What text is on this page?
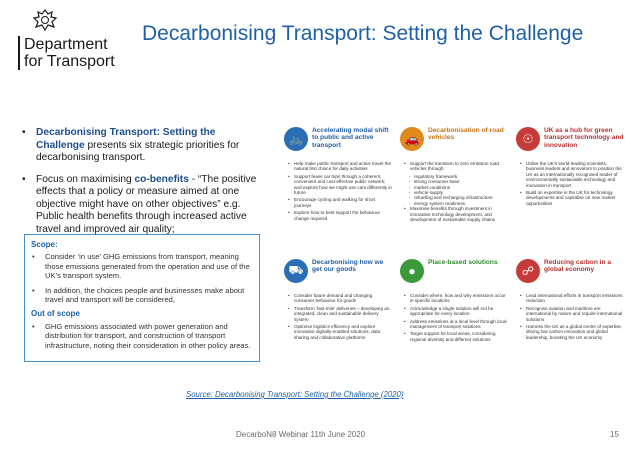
Department
for Transport
Decarbonising Transport: Setting the Challenge
• Decarbonising Transport: Setting the Challenge presents six strategic priorities for decarbonising transport.
• Focus on maximising co-benefits - “The positive effects that a policy or measure aimed at one objective might have on other objectives” e.g. Public health benefits through increased active travel and improved air quality;
Scope:
• Consider ‘in use’ GHG emissions from transport, meaning those emissions generated from the operation and use of the UK’s transport system.
• In addition, the choices people and businesses make about travel and transport will be considered,
Out of scope
• GHG emissions associated with power generation and distribution for transport, and construction of transport infrastructure, noting their consideration in other policy areas.
🚲
Accelerating modal shift to public and active transport
• Help make public transport and active travel the natural first choice for daily activities
• Support fewer car trips through a coherent, convenient and cost-effective public network; and explore how we might use cars differently in future
• Encourage cycling and walking for short journeys
• Explore how to best support the behaviour change required
🚗
Decarbonisation of road vehicles
• Support the transition to zero emission road vehicles through:
- regulatory framework
- strong consumer base
- market conditions
- vehicle supply
- refuelling and recharging infrastructure
- energy system readiness
• Maximise benefits through investment in innovative technology development, and development of sustainable supply chains
☉
UK as a hub for green transport technology and innovation
• Utilise the UK’s world-leading scientists, business leaders and innovators to position the UK as an internationally recognised leader of environmentally sustainable technology and innovation in transport
• Build on expertise in the UK for technology developments and capitalise on new market opportunities
⛟
Decarbonising how we get our goods
• Consider future demand and changing consumer behaviour for goods
• Transform ‘last-mile’ deliveries – developing an integrated, clean and sustainable delivery system
• Optimise logistics efficiency and explore innovative digitally-enabled solutions, data sharing and collaborative platforms
●
Place-based solutions
• Consider where, how and why emissions occur in specific locations
• Acknowledge a single solution will not be appropriate for every location
• Address emissions at a local level through local management of transport solutions
• Target support for local areas, considering regional diversity and different solutions
☍
Reducing carbon in a global economy
• Lead international efforts in transport emissions reduction
• Recognise aviation and maritime are international by nature and require international solutions
• Harness the UK as a global centre of expertise, driving low carbon innovation and global leadership, boosting the UK economy
Source: Decarbonising Transport: Setting the Challenge (2020)
DecarboN8 Webinar 11th June 2020	15
